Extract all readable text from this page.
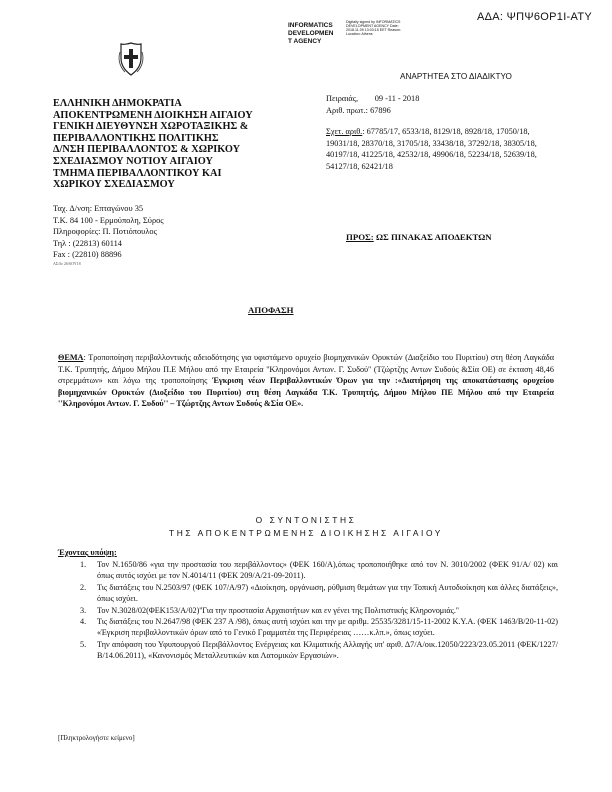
ΑΔΑ: ΨΠΨ6ΟΡ1Ι-ΑΤΥ
INFORMATICS
DEVELOPMEN
T AGENCY
Digitally signed by INFORMATICS DEVELOPMENT AGENCY Date: 2018.11.09 13:03:15 EET Reason: Location: Athens
ΑΝΑΡΤΗΤΕΑ ΣΤΟ ΔΙΑΔΙΚΤΥΟ
ΕΛΛΗΝΙΚΗ ΔΗΜΟΚΡΑΤΙΑ
ΑΠΟΚΕΝΤΡΩΜΕΝΗ ΔΙΟΙΚΗΣΗ ΑΙΓΑΙΟΥ
ΓΕΝΙΚΗ ΔΙΕΥΘΥΝΣΗ ΧΩΡΟΤΑΞΙΚΗΣ &
ΠΕΡΙΒΑΛΛΟΝΤΙΚΗΣ ΠΟΛΙΤΙΚΗΣ
Δ/ΝΣΗ ΠΕΡΙΒΑΛΛΟΝΤΟΣ & ΧΩΡΙΚΟΥ
ΣΧΕΔΙΑΣΜΟΥ ΝΟΤΙΟΥ ΑΙΓΑΙΟΥ
ΤΜΗΜΑ ΠΕΡΙΒΑΛΛΟΝΤΙΚΟΥ ΚΑΙ
ΧΩΡΙΚΟΥ ΣΧΕΔΙΑΣΜΟΥ
Ταχ. Δ/νση: Επταγώνου 35
Τ.Κ. 84 100 - Ερμούπολη, Σύρος
Πληροφορίες: Π. Ποτιόπουλος
Τηλ : (22813) 60114
Fax : (22810) 88896
ΑΣ/δε 26/6ΟΥ18
Πειραιάς,        09 -11 - 2018
Αριθ. πρωτ.: 67896
Σχετ. αριθ.: 67785/17, 6533/18, 8129/18, 8928/18, 17050/18, 19031/18, 28370/18, 31705/18, 33438/18, 37292/18, 38305/18, 40197/18, 41225/18, 42532/18, 49906/18, 52234/18, 52639/18, 54127/18, 62421/18
ΠΡΟΣ: ΩΣ ΠΙΝΑΚΑΣ ΑΠΟΔΕΚΤΩΝ
ΑΠΟΦΑΣΗ
ΘΕΜΑ: Τροποποίηση περιβαλλοντικής αδειοδότησης για υφιστάμενο ορυχείο βιομηχανικών Ορυκτών (Διαξείδιο του Πυριτίου) στη θέση Λαγκάδα Τ.Κ. Τρυπητής, Δήμου Μήλου Π.Ε Μήλου από την Εταιρεία ''Κληρονόμοι Αντων. Γ. Συδού'' (Τζώρτζης Αντων Συδούς &Σία ΟΕ) σε έκταση 48,46 στρεμμάτων» και λόγω της τροποποίησης Έγκριση νέων Περιβαλλοντικών Όρων για την :«Διατήρηση της αποκατάστασης ορυχείου βιομηχανικών Ορυκτών (Διοξείδιο του Πυριτίου) στη θέση Λαγκάδα Τ.Κ. Τρυπητής, Δήμου Μήλου ΠΕ Μήλου από την Εταιρεία ''Κληρονόμοι Αντων. Γ. Συδού'' – Τζώρτζης Αντων Συδούς &Σία ΟΕ».
Ο ΣΥΝΤΟΝΙΣΤΗΣ
ΤΗΣ ΑΠΟΚΕΝΤΡΩΜΕΝΗΣ ΔΙΟΙΚΗΣΗΣ ΑΙΓΑΙΟΥ
Έχοντας υπόψη:
1. Τον Ν.1650/86 «για την προστασία του περιβάλλοντος» (ΦΕΚ 160/Α),όπως τροποποιήθηκε από τον Ν. 3010/2002 (ΦΕΚ 91/Α/ 02) και όπως αυτός ισχύει με τον Ν.4014/11 (ΦΕΚ 209/Α/21-09-2011).
2. Τις διατάξεις του Ν.2503/97 (ΦΕΚ 107/Α/97) «Διοίκηση, οργάνωση, ρύθμιση θεμάτων για την Τοπική Αυτοδιοίκηση και άλλες διατάξεις», όπως ισχύει.
3. Τον Ν.3028/02(ΦΕΚ153/Α/02)''Για την προστασία Αρχαιοτήτων και εν γένει της Πολιτιστικής Κληρονομιάς.''
4. Τις διατάξεις του Ν.2647/98 (ΦΕΚ 237 Α /98), όπως αυτή ισχύει και την με αριθμ. 25535/3281/15-11-2002 Κ.Υ.Α. (ΦΕΚ 1463/Β/20-11-02) «Έγκριση περιβαλλοντικών όρων από το Γενικό Γραμματέα της Περιφέρειας ……κ.λπ.», όπως ισχύει.
5. Την απόφαση του Υφυπουργού Περιβάλλοντος Ενέργειας και Κλιματικής Αλλαγής υπ' αριθ. Δ7/Α/οικ.12050/2223/23.05.2011 (ΦΕΚ/1227/Β/14.06.2011), «Κανονισμός Μεταλλευτικών και Λατομικών Εργασιών».
[Πληκτρολογήστε κείμενο]
